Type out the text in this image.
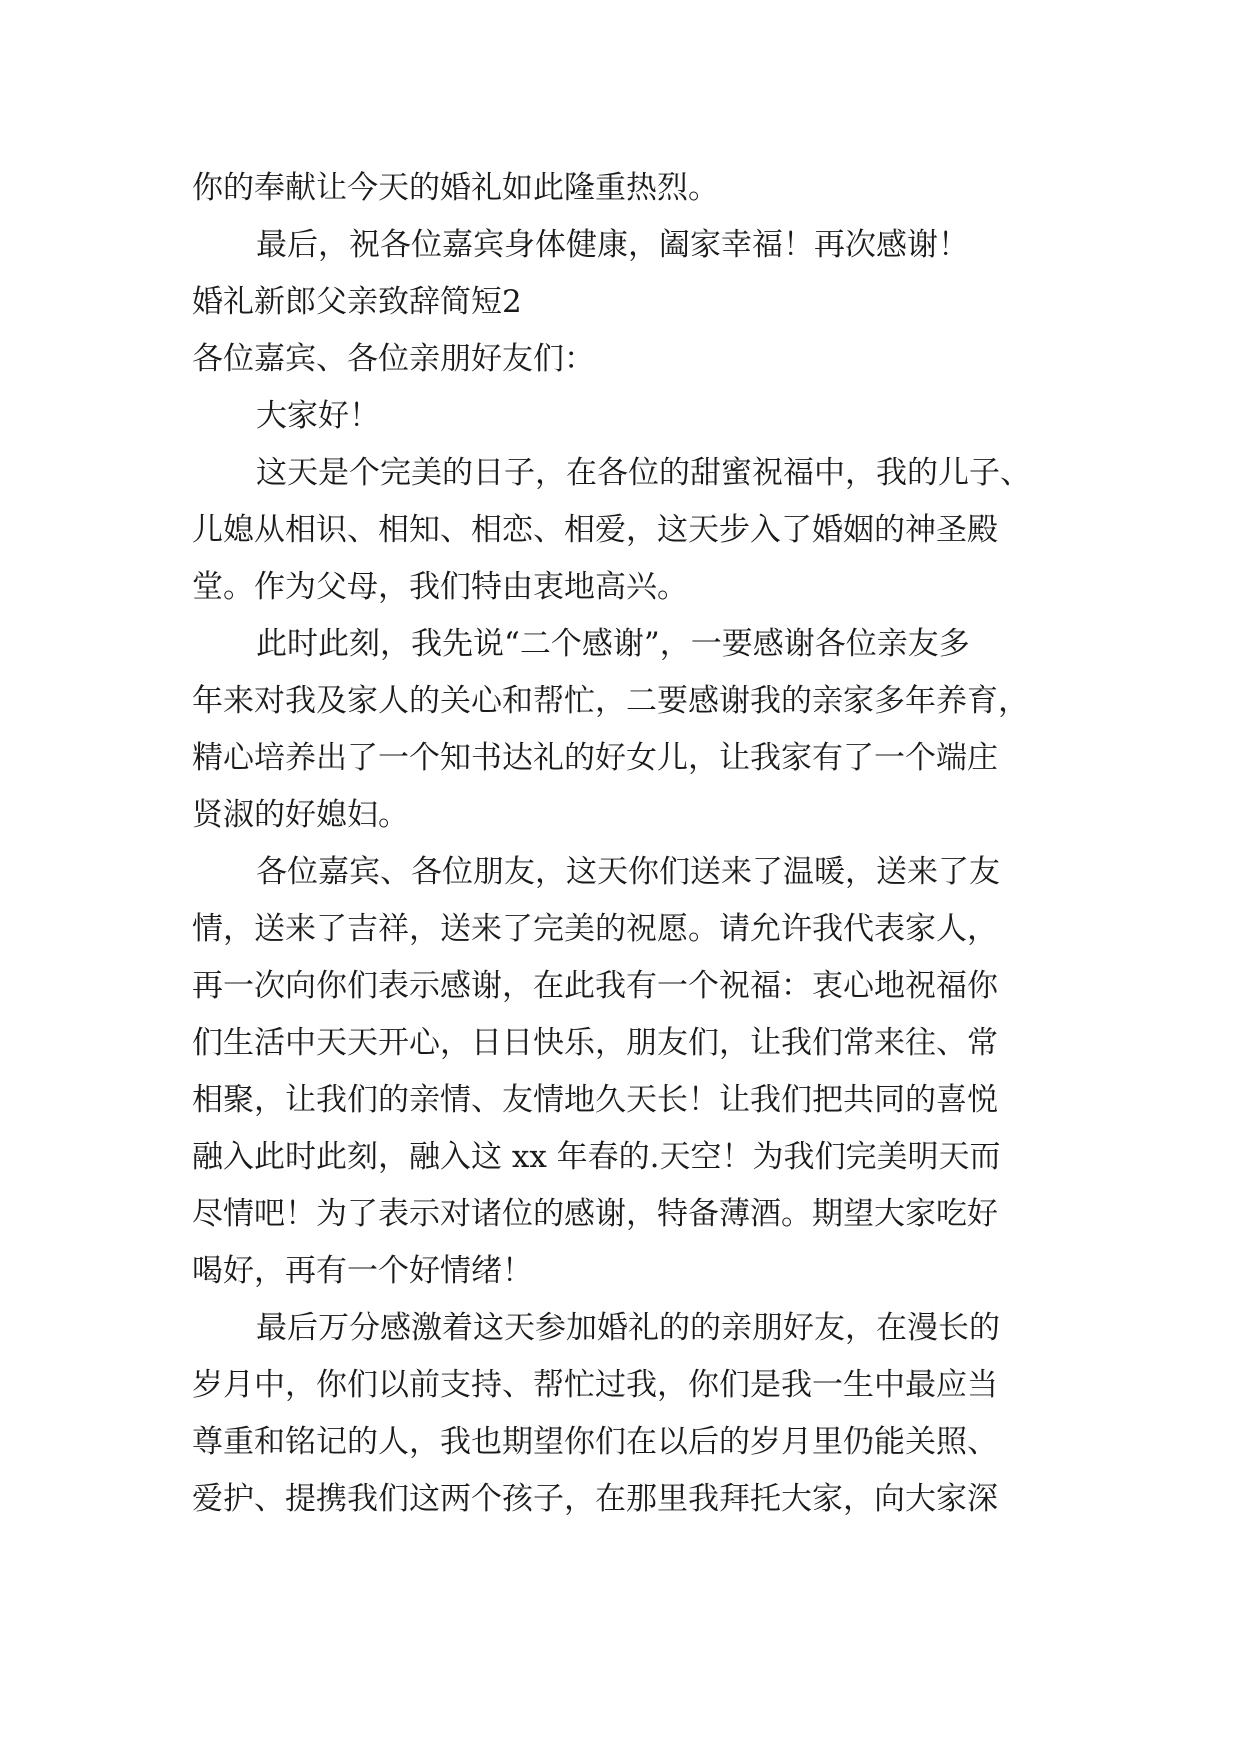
你的奉献让今天的婚礼如此隆重热烈。
最后，祝各位嘉宾身体健康，阖家幸福！再次感谢！
婚礼新郎父亲致辞简短2
各位嘉宾、各位亲朋好友们：
大家好！
这天是个完美的日子，在各位的甜蜜祝福中，我的儿子、
儿媳从相识、相知、相恋、相爱，这天步入了婚姻的神圣殿
堂。作为父母，我们特由衷地高兴。
此时此刻，我先说“二个感谢”，一要感谢各位亲友多
年来对我及家人的关心和帮忙，二要感谢我的亲家多年养育，
精心培养出了一个知书达礼的好女儿，让我家有了一个端庄
贤淑的好媳妇。
各位嘉宾、各位朋友，这天你们送来了温暖，送来了友
情，送来了吉祥，送来了完美的祝愿。请允许我代表家人，
再一次向你们表示感谢，在此我有一个祝福：衷心地祝福你
们生活中天天开心，日日快乐，朋友们，让我们常来往、常
相聚，让我们的亲情、友情地久天长！让我们把共同的喜悦
融入此时此刻，融入这 xx 年春的.天空！为我们完美明天而
尽情吧！为了表示对诸位的感谢，特备薄酒。期望大家吃好
喝好，再有一个好情绪！
最后万分感激着这天参加婚礼的的亲朋好友，在漫长的
岁月中，你们以前支持、帮忙过我，你们是我一生中最应当
尊重和铭记的人，我也期望你们在以后的岁月里仍能关照、
爱护、提携我们这两个孩子，在那里我拜托大家，向大家深
